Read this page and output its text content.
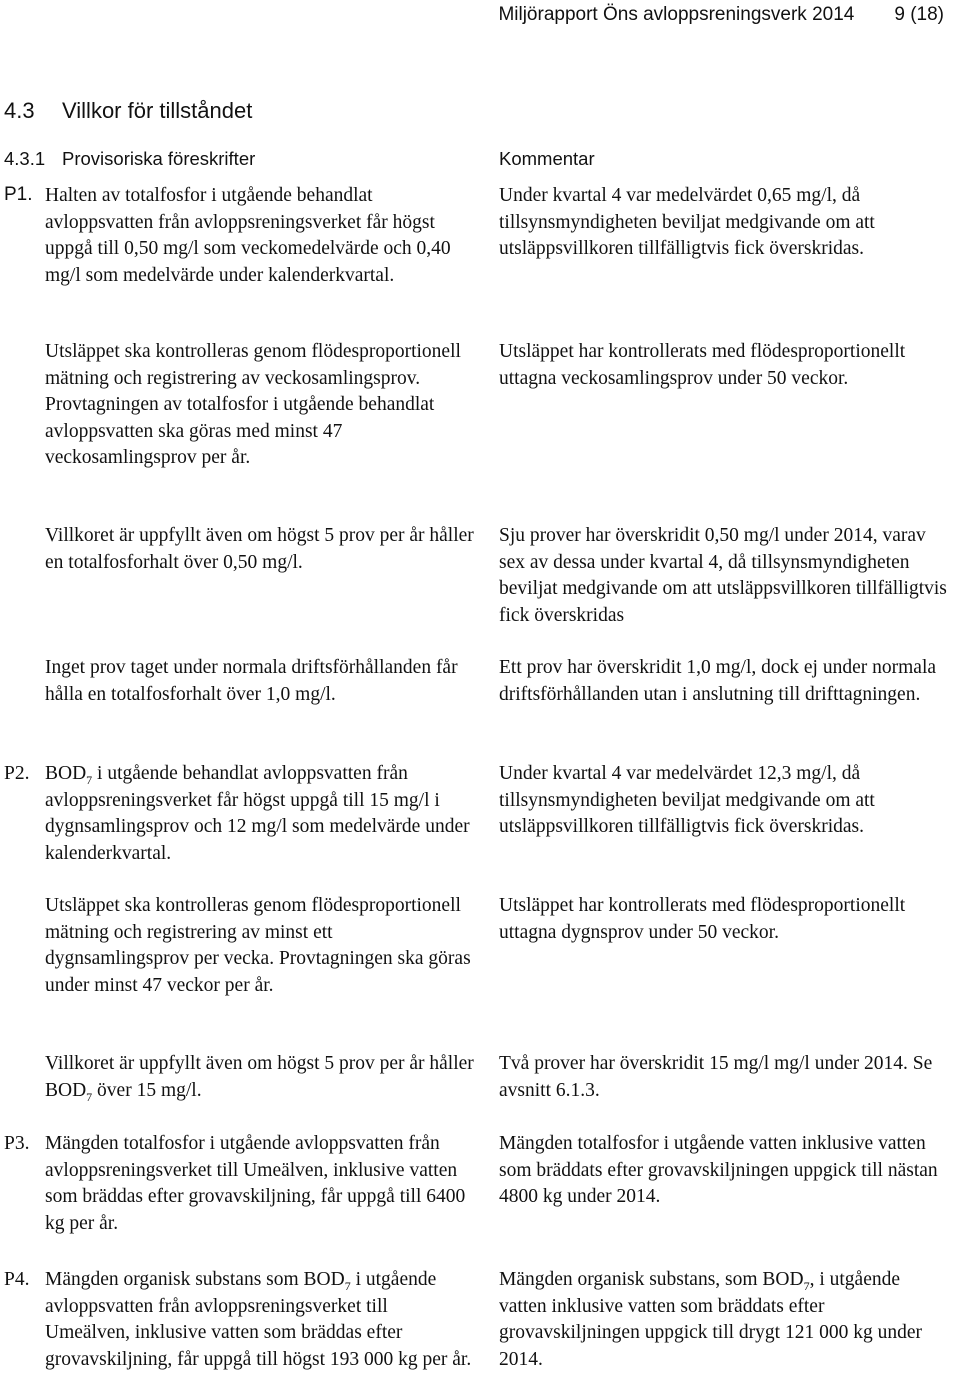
Miljörapport Öns avloppsreningsverk 2014 9 (18)
4.3 Villkor för tillståndet
4.3.1 Provisoriska föreskrifter	Kommentar
P1. Halten av totalfosfor i utgående behandlat avloppsvatten från avloppsreningsverket får högst uppgå till 0,50 mg/l som veckomedelvärde och 0,40 mg/l som medelvärde under kalenderkvartal.

Under kvartal 4 var medelvärdet 0,65 mg/l, då tillsynsmyndigheten beviljat medgivande om att utsläppsvillkoren tillfälligtvis fick överskridas.

Utsläppet ska kontrolleras genom flödesproportionell mätning och registrering av veckosamlingsprov. Provtagningen av totalfosfor i utgående behandlat avloppsvatten ska göras med minst 47 veckosamlingsprov per år.

Utsläppet har kontrollerats med flödesproportionellt uttagna veckosamlingsprov under 50 veckor.

Villkoret är uppfyllt även om högst 5 prov per år håller en totalfosforhalt över 0,50 mg/l.

Sju prover har överskridit 0,50 mg/l under 2014, varav sex av dessa under kvartal 4, då tillsynsmyndigheten beviljat medgivande om att utsläppsvillkoren tillfälligtvis fick överskridas

Inget prov taget under normala driftsförhållanden får hålla en totalfosforhalt över 1,0 mg/l.

Ett prov har överskridit 1,0 mg/l, dock ej under normala driftsförhållanden utan i anslutning till drifttagningen.

P2. $BOD_7$ i utgående behandlat avloppsvatten från avloppsreningsverket får högst uppgå till 15 mg/l i dygnsamlingsprov och 12 mg/l som medelvärde under kalenderkvartal.

Under kvartal 4 var medelvärdet 12,3 mg/l, då tillsynsmyndigheten beviljat medgivande om att utsläppsvillkoren tillfälligtvis fick överskridas.

Utsläppet ska kontrolleras genom flödesproportionell mätning och registrering av minst ett dygnsamlingsprov per vecka. Provtagningen ska göras under minst 47 veckor per år.

Utsläppet har kontrollerats med flödesproportionellt uttagna dygnsprov under 50 veckor.

Villkoret är uppfyllt även om högst 5 prov per år håller $BOD_7$ över 15 mg/l.

Två prover har överskridit 15 mg/l mg/l under 2014. Se avsnitt 6.1.3.

P3. Mängden totalfosfor i utgående avloppsvatten från avloppsreningsverket till Umeälven, inklusive vatten som bräddas efter grovavskiljning, får uppgå till 6400 kg per år.

Mängden totalfosfor i utgående vatten inklusive vatten som bräddats efter grovavskiljningen uppgick till nästan 4800 kg under 2014.

P4. Mängden organisk substans som $BOD_7$ i utgående avloppsvatten från avloppsreningsverket till Umeälven, inklusive vatten som bräddas efter grovavskiljning, får uppgå till högst 193 000 kg per år.

Mängden organisk substans, som $BOD_7$, i utgående vatten inklusive vatten som bräddats efter grovavskiljningen uppgick till drygt 121 000 kg under 2014.
